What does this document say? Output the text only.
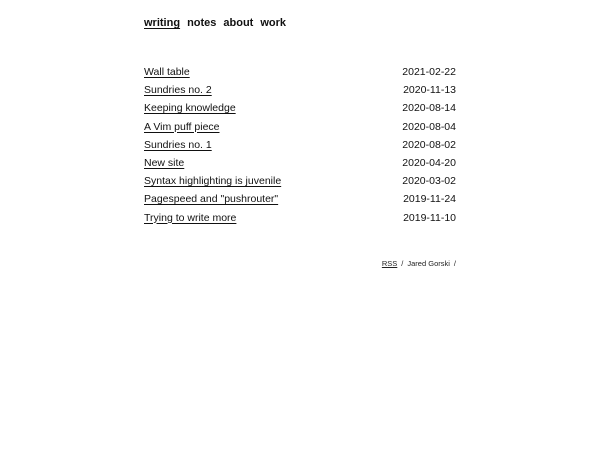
writing notes about work
Wall table	2021-02-22
Sundries no. 2	2020-11-13
Keeping knowledge	2020-08-14
A Vim puff piece	2020-08-04
Sundries no. 1	2020-08-02
New site	2020-04-20
Syntax highlighting is juvenile	2020-03-02
Pagespeed and "pushrouter"	2019-11-24
Trying to write more	2019-11-10
RSS / Jared Gorski /
